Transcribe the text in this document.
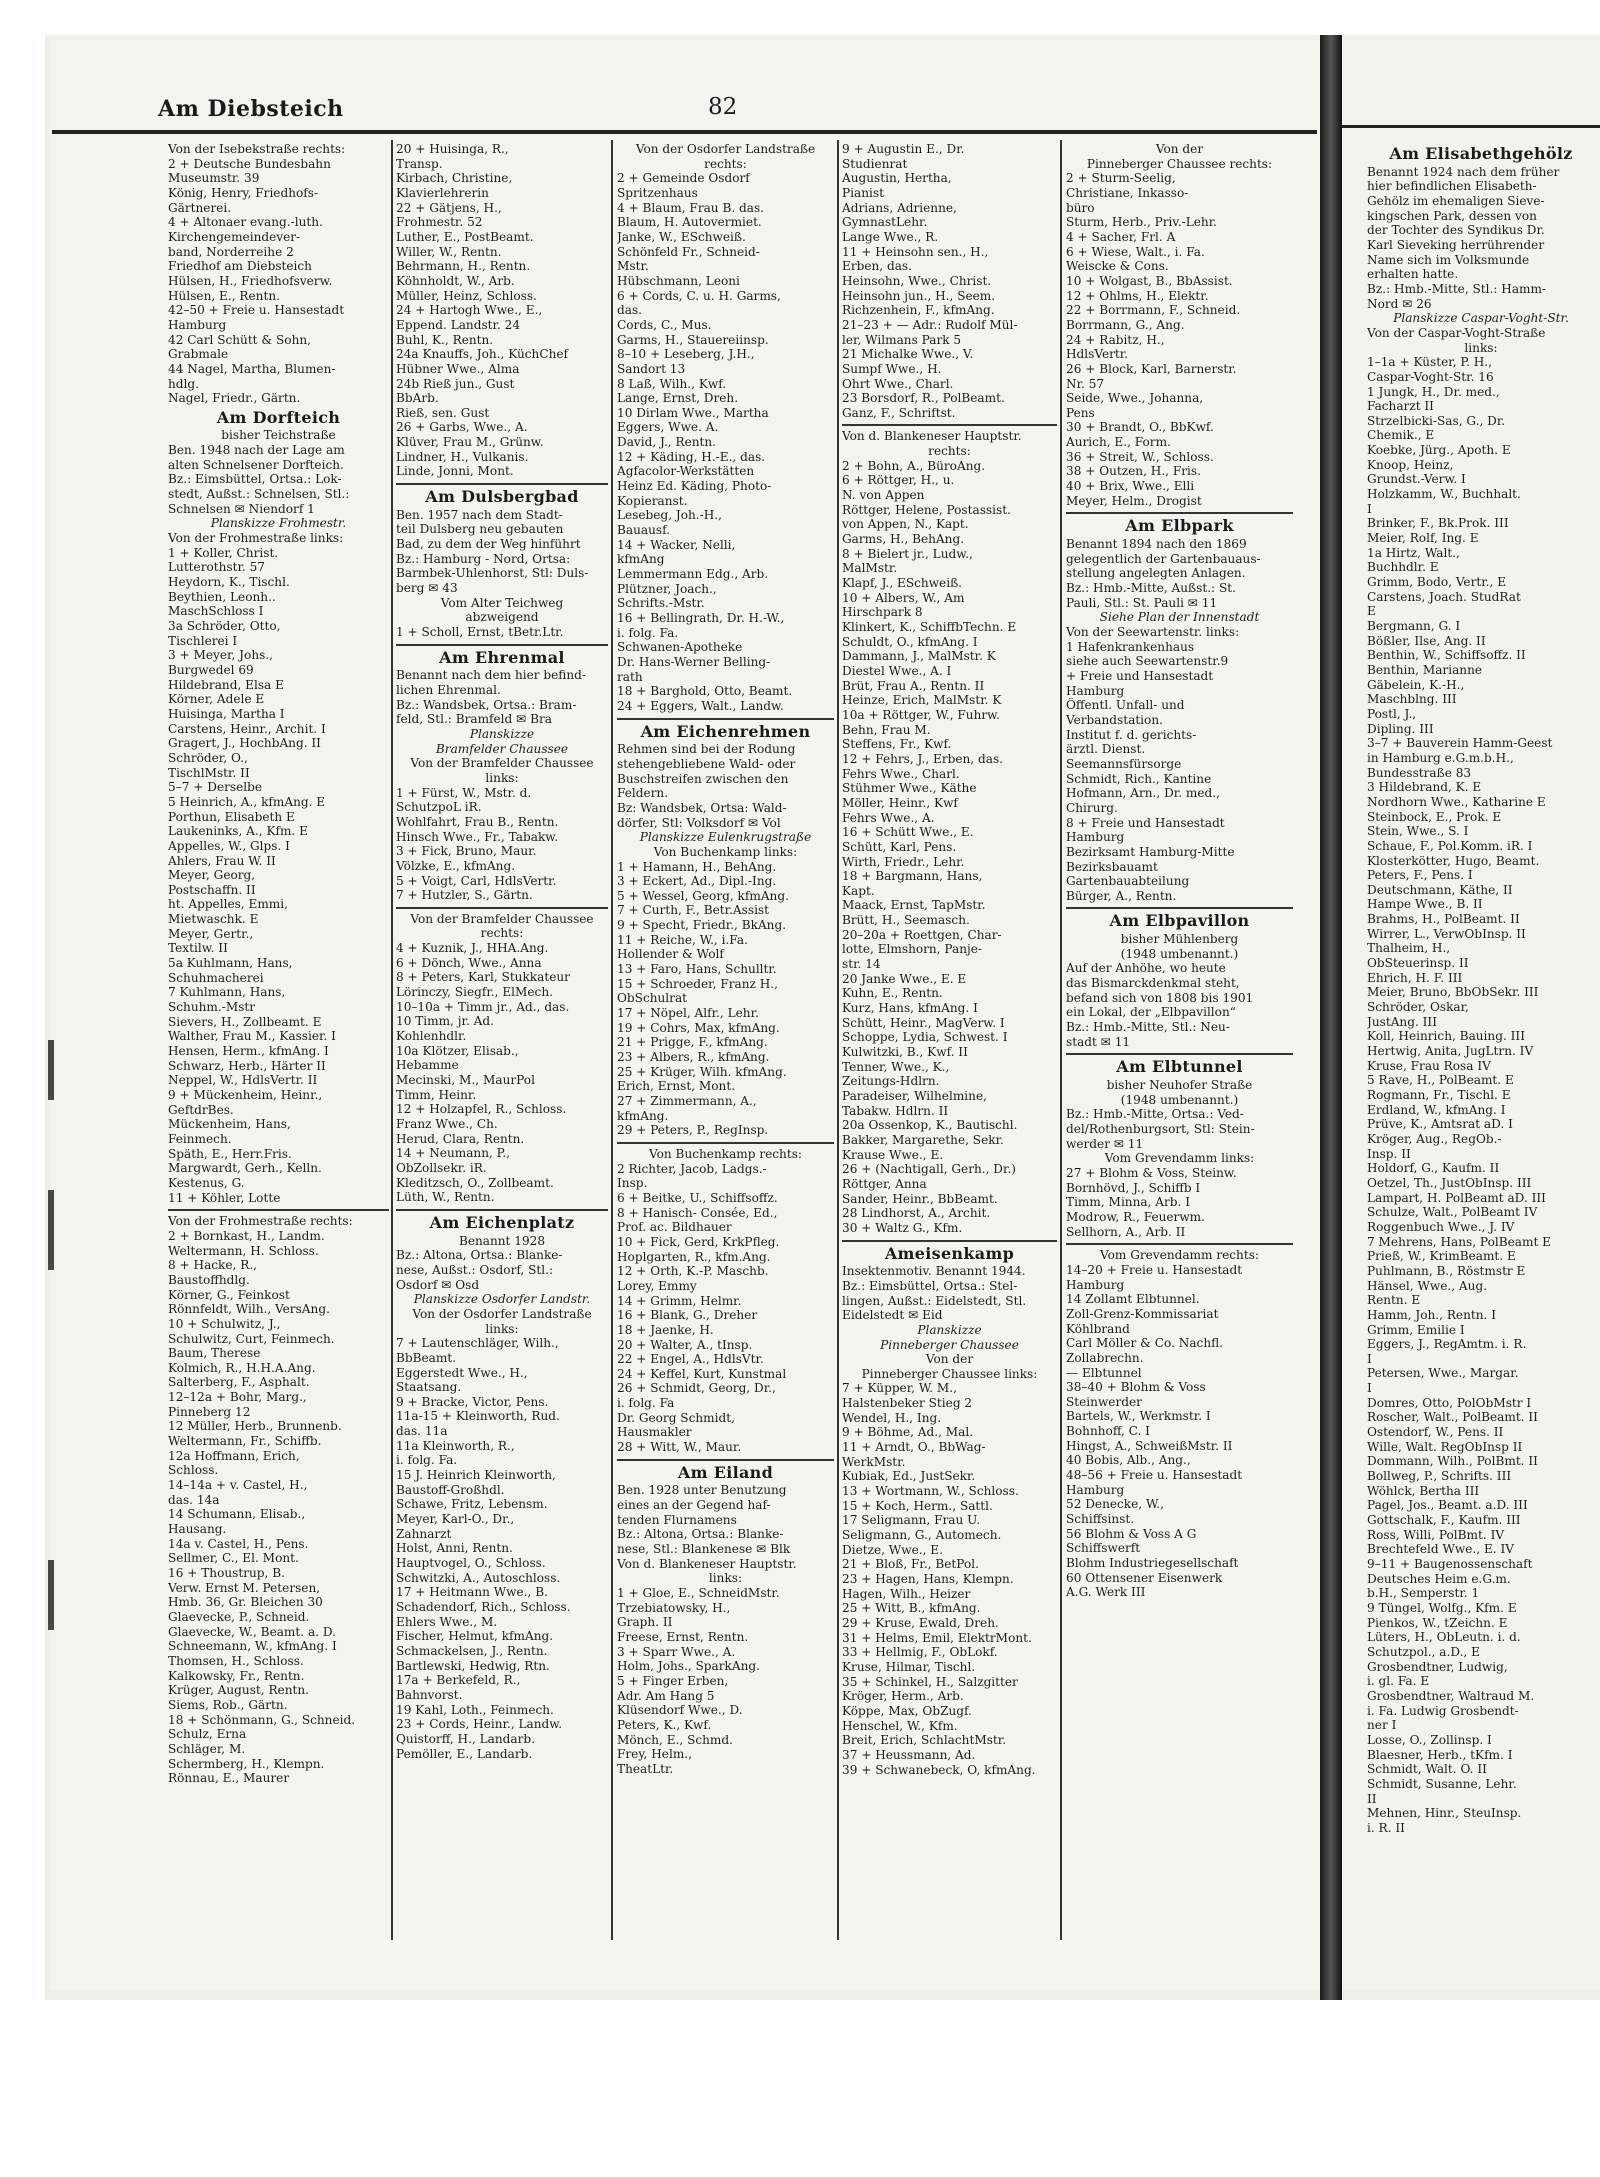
Am Diebsteich	82
Von der Isebekstraße rechts:
2 + Deutsche Bundesbahn
Museumstr. 39
König, Henry, Friedhofs-
Gärtnerei.
4 + Altonaer evang.-luth.
Kirchengemeindever-
band, Norderreihe 2
Friedhof am Diebsteich
Hülsen, H., Friedhofsverw.
Hülsen, E., Rentn.
42–50 + Freie u. Hansestadt
Hamburg
42 Carl Schütt & Sohn,
Grabmale
44 Nagel, Martha, Blumen-
hdlg.
Nagel, Friedr., Gärtn.
Am Dorfteich
bisher Teichstraße
Ben. 1948 nach der Lage am
alten Schnelsener Dorfteich.
Bz.: Eimsbüttel, Ortsa.: Lok-
stedt, Außst.: Schnelsen, Stl.:
Schnelsen ✉ Niendorf 1
Planskizze Frohmestr.
Von der Frohmestraße links:
1 + Koller, Christ.
Lutterothstr. 57
Heydorn, K., Tischl.
Beythien, Leonh..
MaschSchloss I
3a Schröder, Otto,
Tischlerei I
3 + Meyer, Johs.,
Burgwedel 69
Hildebrand, Elsa E
Körner, Adele E
Huisinga, Martha I
Carstens, Heinr., Archit. I
Gragert, J., HochbAng. II
Schröder, O.,
TischlMstr. II
5–7 + Derselbe
5 Heinrich, A., kfmAng. E
Porthun, Elisabeth E
Laukeninks, A., Kfm. E
Appelles, W., Glps. I
Ahlers, Frau W. II
Meyer, Georg,
Postschaffn. II
ht. Appelles, Emmi,
Mietwaschk. E
Meyer, Gertr.,
Textilw. II
5a Kuhlmann, Hans,
Schuhmacherei
7 Kuhlmann, Hans,
Schuhm.-Mstr
Sievers, H., Zollbeamt. E
Walther, Frau M., Kassier. I
Hensen, Herm., kfmAng. I
Schwarz, Herb., Härter II
Neppel, W., HdlsVertr. II
9 + Mückenheim, Heinr.,
GeftdrBes.
Mückenheim, Hans,
Feinmech.
Späth, E., Herr.Fris.
Margwardt, Gerh., Kelln.
Kestenus, G.
11 + Köhler, Lotte
Von der Frohmestraße rechts:
2 + Bornkast, H., Landm.
Weltermann, H. Schloss.
8 + Hacke, R.,
Baustoffhdlg.
Körner, G., Feinkost
Rönnfeldt, Wilh., VersAng.
10 + Schulwitz, J.,
Schulwitz, Curt, Feinmech.
Baum, Therese
Kolmich, R., H.H.A.Ang.
Salterberg, F., Asphalt.
12–12a + Bohr, Marg.,
Pinneberg 12
12 Müller, Herb., Brunnenb.
Weltermann, Fr., Schiffb.
12a Hoffmann, Erich,
Schloss.
14–14a + v. Castel, H.,
das. 14a
14 Schumann, Elisab.,
Hausang.
14a v. Castel, H., Pens.
Sellmer, C., El. Mont.
16 + Thoustrup, B.
Verw. Ernst M. Petersen,
Hmb. 36, Gr. Bleichen 30
Glaevecke, P., Schneid.
Glaevecke, W., Beamt. a. D.
Schneemann, W., kfmAng. I
Thomsen, H., Schloss.
Kalkowsky, Fr., Rentn.
Krüger, August, Rentn.
Siems, Rob., Gärtn.
18 + Schönmann, G., Schneid.
Schulz, Erna
Schläger, M.
Schermberg, H., Klempn.
Rönnau, E., Maurer
20 + Huisinga, R.,
Transp.
Kirbach, Christine,
Klavierlehrerin
22 + Gätjens, H.,
Frohmestr. 52
Luther, E., PostBeamt.
Willer, W., Rentn.
Behrmann, H., Rentn.
Köhnholdt, W., Arb.
Müller, Heinz, Schloss.
24 + Hartogh Wwe., E.,
Eppend. Landstr. 24
Buhl, K., Rentn.
24a Knauffs, Joh., KüchChef
Hübner Wwe., Alma
24b Rieß jun., Gust
BbArb.
Rieß, sen. Gust
26 + Garbs, Wwe., A.
Klüver, Frau M., Grünw.
Lindner, H., Vulkanis.
Linde, Jonni, Mont.
Am Dulsbergbad
Ben. 1957 nach dem Stadt-
teil Dulsberg neu gebauten
Bad, zu dem der Weg hinführt
Bz.: Hamburg - Nord, Ortsa:
Barmbek-Uhlenhorst, Stl: Duls-
berg ✉ 43
Vom Alter Teichweg
abzweigend
1 + Scholl, Ernst, tBetr.Ltr.
Am Ehrenmal
Benannt nach dem hier befind-
lichen Ehrenmal.
Bz.: Wandsbek, Ortsa.: Bram-
feld, Stl.: Bramfeld ✉ Bra
Planskizze
Bramfelder Chaussee
Von der Bramfelder Chaussee
links:
1 + Fürst, W., Mstr. d.
SchutzpoL iR.
Wohlfahrt, Frau B., Rentn.
Hinsch Wwe., Fr., Tabakw.
3 + Fick, Bruno, Maur.
Völzke, E., kfmAng.
5 + Voigt, Carl, HdlsVertr.
7 + Hutzler, S., Gärtn.
Von der Bramfelder Chaussee
rechts:
4 + Kuznik, J., HHA.Ang.
6 + Dönch, Wwe., Anna
8 + Peters, Karl, Stukkateur
Lörinczy, Siegfr., ElMech.
10–10a + Timm jr., Ad., das.
10 Timm, jr. Ad.
Kohlenhdlr.
10a Klötzer, Elisab.,
Hebamme
Mecinski, M., MaurPol
Timm, Heinr.
12 + Holzapfel, R., Schloss.
Franz Wwe., Ch.
Herud, Clara, Rentn.
14 + Neumann, P.,
ObZollsekr. iR.
Kleditzsch, O., Zollbeamt.
Lüth, W., Rentn.
Am Eichenplatz
Benannt 1928
Bz.: Altona, Ortsa.: Blanke-
nese, Außst.: Osdorf, Stl.:
Osdorf ✉ Osd
Planskizze Osdorfer Landstr.
Von der Osdorfer Landstraße
links:
7 + Lautenschläger, Wilh.,
BbBeamt.
Eggerstedt Wwe., H.,
Staatsang.
9 + Bracke, Victor, Pens.
11a-15 + Kleinworth, Rud.
das. 11a
11a Kleinworth, R.,
i. folg. Fa.
15 J. Heinrich Kleinworth,
Baustoff-Großhdl.
Schawe, Fritz, Lebensm.
Meyer, Karl-O., Dr.,
Zahnarzt
Holst, Anni, Rentn.
Hauptvogel, O., Schloss.
Schwitzki, A., Autoschloss.
17 + Heitmann Wwe., B.
Schadendorf, Rich., Schloss.
Ehlers Wwe., M.
Fischer, Helmut, kfmAng.
Schmackelsen, J., Rentn.
Bartlewski, Hedwig, Rtn.
17a + Berkefeld, R.,
Bahnvorst.
19 Kahl, Loth., Feinmech.
23 + Cords, Heinr., Landw.
Quistorff, H., Landarb.
Pemöller, E., Landarb.
Von der Osdorfer Landstraße
rechts:
2 + Gemeinde Osdorf
Spritzenhaus
4 + Blaum, Frau B. das.
Blaum, H. Autovermiet.
Janke, W., ESchweiß.
Schönfeld Fr., Schneid-
Mstr.
Hübschmann, Leoni
6 + Cords, C. u. H. Garms,
das.
Cords, C., Mus.
Garms, H., Stauereiinsp.
8–10 + Leseberg, J.H.,
Sandort 13
8 Laß, Wilh., Kwf.
Lange, Ernst, Dreh.
10 Dirlam Wwe., Martha
Eggers, Wwe. A.
David, J., Rentn.
12 + Käding, H.-E., das.
Agfacolor-Werkstätten
Heinz Ed. Käding, Photo-
Kopieranst.
Lesebeg, Joh.-H.,
Bauausf.
14 + Wacker, Nelli,
kfmAng
Lemmermann Edg., Arb.
Plützner, Joach.,
Schrifts.-Mstr.
16 + Bellingrath, Dr. H.-W.,
i. folg. Fa.
Schwanen-Apotheke
Dr. Hans-Werner Belling-
rath
18 + Barghold, Otto, Beamt.
24 + Eggers, Walt., Landw.
Am Eichenrehmen
Rehmen sind bei der Rodung
stehengebliebene Wald- oder
Buschstreifen zwischen den
Feldern.
Bz: Wandsbek, Ortsa: Wald-
dörfer, Stl: Volksdorf ✉ Vol
Planskizze Eulenkrugstraße
Von Buchenkamp links:
1 + Hamann, H., BehAng.
3 + Eckert, Ad., Dipl.-Ing.
5 + Wessel, Georg, kfmAng.
7 + Curth, F., Betr.Assist
9 + Specht, Friedr., BkAng.
11 + Reiche, W., i.Fa.
Hollender & Wolf
13 + Faro, Hans, Schulltr.
15 + Schroeder, Franz H.,
ObSchulrat
17 + Nöpel, Alfr., Lehr.
19 + Cohrs, Max, kfmAng.
21 + Prigge, F., kfmAng.
23 + Albers, R., kfmAng.
25 + Krüger, Wilh. kfmAng.
Erich, Ernst, Mont.
27 + Zimmermann, A.,
kfmAng.
29 + Peters, P., RegInsp.
Von Buchenkamp rechts:
2 Richter, Jacob, Ladgs.-
Insp.
6 + Beitke, U., Schiffsoffz.
8 + Hanisch- Consée, Ed.,
Prof. ac. Bildhauer
10 + Fick, Gerd, KrkPfleg.
Hoplgarten, R., kfm.Ang.
12 + Orth, K.-P. Maschb.
Lorey, Emmy
14 + Grimm, Helmr.
16 + Blank, G., Dreher
18 + Jaenke, H.
20 + Walter, A., tInsp.
22 + Engel, A., HdlsVtr.
24 + Keffel, Kurt, Kunstmal
26 + Schmidt, Georg, Dr.,
i. folg. Fa
Dr. Georg Schmidt,
Hausmakler
28 + Witt, W., Maur.
Am Eiland
Ben. 1928 unter Benutzung
eines an der Gegend haf-
tenden Flurnamens
Bz.: Altona, Ortsa.: Blanke-
nese, Stl.: Blankenese ✉ Blk
Von d. Blankeneser Hauptstr.
links:
1 + Gloe, E., SchneidMstr.
Trzebiatowsky, H.,
Graph. II
Freese, Ernst, Rentn.
3 + Sparr Wwe., A.
Holm, Johs., SparkAng.
5 + Finger Erben,
Adr. Am Hang 5
Klüsendorf Wwe., D.
Peters, K., Kwf.
Mönch, E., Schmd.
Frey, Helm.,
TheatLtr.
9 + Augustin E., Dr.
Studienrat
Augustin, Hertha,
Pianist
Adrians, Adrienne,
GymnastLehr.
Lange Wwe., R.
11 + Heinsohn sen., H.,
Erben, das.
Heinsohn, Wwe., Christ.
Heinsohn jun., H., Seem.
Richzenhein, F., kfmAng.
21–23 + — Adr.: Rudolf Mül-
ler, Wilmans Park 5
21 Michalke Wwe., V.
Sumpf Wwe., H.
Ohrt Wwe., Charl.
23 Borsdorf, R., PolBeamt.
Ganz, F., Schriftst.
Von d. Blankeneser Hauptstr.
rechts:
2 + Bohn, A., BüroAng.
6 + Röttger, H., u.
N. von Appen
Röttger, Helene, Postassist.
von Appen, N., Kapt.
Garms, H., BehAng.
8 + Bielert jr., Ludw.,
MalMstr.
Klapf, J., ESchweiß.
10 + Albers, W., Am
Hirschpark 8
Klinkert, K., SchiffbTechn. E
Schuldt, O., kfmAng. I
Dammann, J., MalMstr. K
Diestel Wwe., A. I
Brüt, Frau A., Rentn. II
Heinze, Erich, MalMstr. K
10a + Röttger, W., Fuhrw.
Behn, Frau M.
Steffens, Fr., Kwf.
12 + Fehrs, J., Erben, das.
Fehrs Wwe., Charl.
Stühmer Wwe., Käthe
Möller, Heinr., Kwf
Fehrs Wwe., A.
16 + Schütt Wwe., E.
Schütt, Karl, Pens.
Wirth, Friedr., Lehr.
18 + Bargmann, Hans,
Kapt.
Maack, Ernst, TapMstr.
Brütt, H., Seemasch.
20–20a + Roettgen, Char-
lotte, Elmshorn, Panje-
str. 14
20 Janke Wwe., E. E
Kuhn, E., Rentn.
Kurz, Hans, kfmAng. I
Schütt, Heinr., MagVerw. I
Schoppe, Lydia, Schwest. I
Kulwitzki, B., Kwf. II
Tenner, Wwe., K.,
Zeitungs-Hdlrn.
Paradeiser, Wilhelmine,
Tabakw. Hdlrn. II
20a Ossenkop, K., Bautischl.
Bakker, Margarethe, Sekr.
Krause Wwe., E.
26 + (Nachtigall, Gerh., Dr.)
Röttger, Anna
Sander, Heinr., BbBeamt.
28 Lindhorst, A., Archit.
30 + Waltz G., Kfm.
Ameisenkamp
Insektenmotiv. Benannt 1944.
Bz.: Eimsbüttel, Ortsa.: Stel-
lingen, Außst.: Eidelstedt, Stl.
Eidelstedt ✉ Eid
Planskizze
Pinneberger Chaussee
Von der
Pinneberger Chaussee links:
7 + Küpper, W. M.,
Halstenbeker Stieg 2
Wendel, H., Ing.
9 + Böhme, Ad., Mal.
11 + Arndt, O., BbWag-
WerkMstr.
Kubiak, Ed., JustSekr.
13 + Wortmann, W., Schloss.
15 + Koch, Herm., Sattl.
17 Seligmann, Frau U.
Seligmann, G., Automech.
Dietze, Wwe., E.
21 + Bloß, Fr., BetPol.
23 + Hagen, Hans, Klempn.
Hagen, Wilh., Heizer
25 + Witt, B., kfmAng.
29 + Kruse, Ewald, Dreh.
31 + Helms, Emil, ElektrMont.
33 + Hellmig, F., ObLokf.
Kruse, Hilmar, Tischl.
35 + Schinkel, H., Salzgitter
Kröger, Herm., Arb.
Köppe, Max, ObZugf.
Henschel, W., Kfm.
Breit, Erich, SchlachtMstr.
37 + Heussmann, Ad.
39 + Schwanebeck, O, kfmAng.
Von der
Pinneberger Chaussee rechts:
2 + Sturm-Seelig,
Christiane, Inkasso-
büro
Sturm, Herb., Priv.-Lehr.
4 + Sacher, Frl. A
6 + Wiese, Walt., i. Fa.
Weiscke & Cons.
10 + Wolgast, B., BbAssist.
12 + Ohlms, H., Elektr.
22 + Borrmann, F., Schneid.
Borrmann, G., Ang.
24 + Rabitz, H.,
HdlsVertr.
26 + Block, Karl, Barnerstr.
Nr. 57
Seide, Wwe., Johanna,
Pens
30 + Brandt, O., BbKwf.
Aurich, E., Form.
36 + Streit, W., Schloss.
38 + Outzen, H., Fris.
40 + Brix, Wwe., Elli
Meyer, Helm., Drogist
Am Elbpark
Benannt 1894 nach den 1869
gelegentlich der Gartenbauaus-
stellung angelegten Anlagen.
Bz.: Hmb.-Mitte, Außst.: St.
Pauli, Stl.: St. Pauli ✉ 11
Siehe Plan der Innenstadt
Von der Seewartenstr. links:
1 Hafenkrankenhaus
siehe auch Seewartenstr.9
+ Freie und Hansestadt
Hamburg
Öffentl. Unfall- und
Verbandstation.
Institut f. d. gerichts-
ärztl. Dienst.
Seemannsfürsorge
Schmidt, Rich., Kantine
Hofmann, Arn., Dr. med.,
Chirurg.
8 + Freie und Hansestadt
Hamburg
Bezirksamt Hamburg-Mitte
Bezirksbauamt
Gartenbauabteilung
Bürger, A., Rentn.
Am Elbpavillon
bisher Mühlenberg
(1948 umbenannt.)
Auf der Anhöhe, wo heute
das Bismarckdenkmal steht,
befand sich von 1808 bis 1901
ein Lokal, der „Elbpavillon“
Bz.: Hmb.-Mitte, Stl.: Neu-
stadt ✉ 11
Am Elbtunnel
bisher Neuhofer Straße
(1948 umbenannt.)
Bz.: Hmb.-Mitte, Ortsa.: Ved-
del/Rothenburgsort, Stl: Stein-
werder ✉ 11
Vom Grevendamm links:
27 + Blohm & Voss, Steinw.
Bornhövd, J., Schiffb I
Timm, Minna, Arb. I
Modrow, R., Feuerwm.
Sellhorn, A., Arb. II
Vom Grevendamm rechts:
14–20 + Freie u. Hansestadt
Hamburg
14 Zollamt Elbtunnel.
Zoll-Grenz-Kommissariat
Köhlbrand
Carl Möller & Co. Nachfl.
Zollabrechn.
— Elbtunnel
38–40 + Blohm & Voss
Steinwerder
Bartels, W., Werkmstr. I
Bohnhoff, C. I
Hingst, A., SchweißMstr. II
40 Bobis, Alb., Ang.,
48–56 + Freie u. Hansestadt
Hamburg
52 Denecke, W.,
Schiffsinst.
56 Blohm & Voss A G
Schiffswerft
Blohm Industriegesellschaft
60 Ottensener Eisenwerk
A.G. Werk III
Am Elisabethgehölz
Benannt 1924 nach dem früher
hier befindlichen Elisabeth-
Gehölz im ehemaligen Sieve-
kingschen Park, dessen von
der Tochter des Syndikus Dr.
Karl Sieveking herrührender
Name sich im Volksmunde
erhalten hatte.
Bz.: Hmb.-Mitte, Stl.: Hamm-
Nord ✉ 26
Planskizze Caspar-Voght-Str.
Von der Caspar-Voght-Straße
links:
1–1a + Küster, P. H.,
Caspar-Voght-Str. 16
1 Jungk, H., Dr. med.,
Facharzt II
Strzelbicki-Sas, G., Dr.
Chemik., E
Koebke, Jürg., Apoth. E
Knoop, Heinz,
Grundst.-Verw. I
Holzkamm, W., Buchhalt.
I
Brinker, F., Bk.Prok. III
Meier, Rolf, Ing. E
1a Hirtz, Walt.,
Buchhdlr. E
Grimm, Bodo, Vertr., E
Carstens, Joach. StudRat
E
Bergmann, G. I
Bößler, Ilse, Ang. II
Benthin, W., Schiffsoffz. II
Benthin, Marianne
Gäbelein, K.-H.,
Maschblng. III
Postl, J.,
Dipling. III
3–7 + Bauverein Hamm-Geest
in Hamburg e.G.m.b.H.,
Bundesstraße 83
3 Hildebrand, K. E
Nordhorn Wwe., Katharine E
Steinbock, E., Prok. E
Stein, Wwe., S. I
Schaue, F., Pol.Komm. iR. I
Klosterkötter, Hugo, Beamt.
Peters, F., Pens. I
Deutschmann, Käthe, II
Hampe Wwe., B. II
Brahms, H., PolBeamt. II
Wirrer, L., VerwObInsp. II
Thalheim, H.,
ObSteuerinsp. II
Ehrich, H. F. III
Meier, Bruno, BbObSekr. III
Schröder, Oskar,
JustAng. III
Koll, Heinrich, Bauing. III
Hertwig, Anita, JugLtrn. IV
Kruse, Frau Rosa IV
5 Rave, H., PolBeamt. E
Rogmann, Fr., Tischl. E
Erdland, W., kfmAng. I
Prüve, K., Amtsrat aD. I
Kröger, Aug., RegOb.-
Insp. II
Holdorf, G., Kaufm. II
Oetzel, Th., JustObInsp. III
Lampart, H. PolBeamt aD. III
Schulze, Walt., PolBeamt IV
Roggenbuch Wwe., J. IV
7 Mehrens, Hans, PolBeamt E
Prieß, W., KrimBeamt. E
Puhlmann, B., Röstmstr E
Hänsel, Wwe., Aug.
Rentn. E
Hamm, Joh., Rentn. I
Grimm, Emilie I
Eggers, J., RegAmtm. i. R.
I
Petersen, Wwe., Margar.
I
Domres, Otto, PolObMstr I
Roscher, Walt., PolBeamt. II
Ostendorf, W., Pens. II
Wille, Walt. RegObInsp II
Dommann, Wilh., PolBmt. II
Bollweg, P., Schrifts. III
Wöhlck, Bertha III
Pagel, Jos., Beamt. a.D. III
Gottschalk, F., Kaufm. III
Ross, Willi, PolBmt. IV
Brechtefeld Wwe., E. IV
9–11 + Baugenossenschaft
Deutsches Heim e.G.m.
b.H., Semperstr. 1
9 Tüngel, Wolfg., Kfm. E
Pienkos, W., tZeichn. E
Lüters, H., ObLeutn. i. d.
Schutzpol., a.D., E
Grosbendtner, Ludwig,
i. gl. Fa. E
Grosbendtner, Waltraud M.
i. Fa. Ludwig Grosbendt-
ner I
Losse, O., Zollinsp. I
Blaesner, Herb., tKfm. I
Schmidt, Walt. O. II
Schmidt, Susanne, Lehr.
II
Mehnen, Hinr., SteuInsp.
i. R. II
